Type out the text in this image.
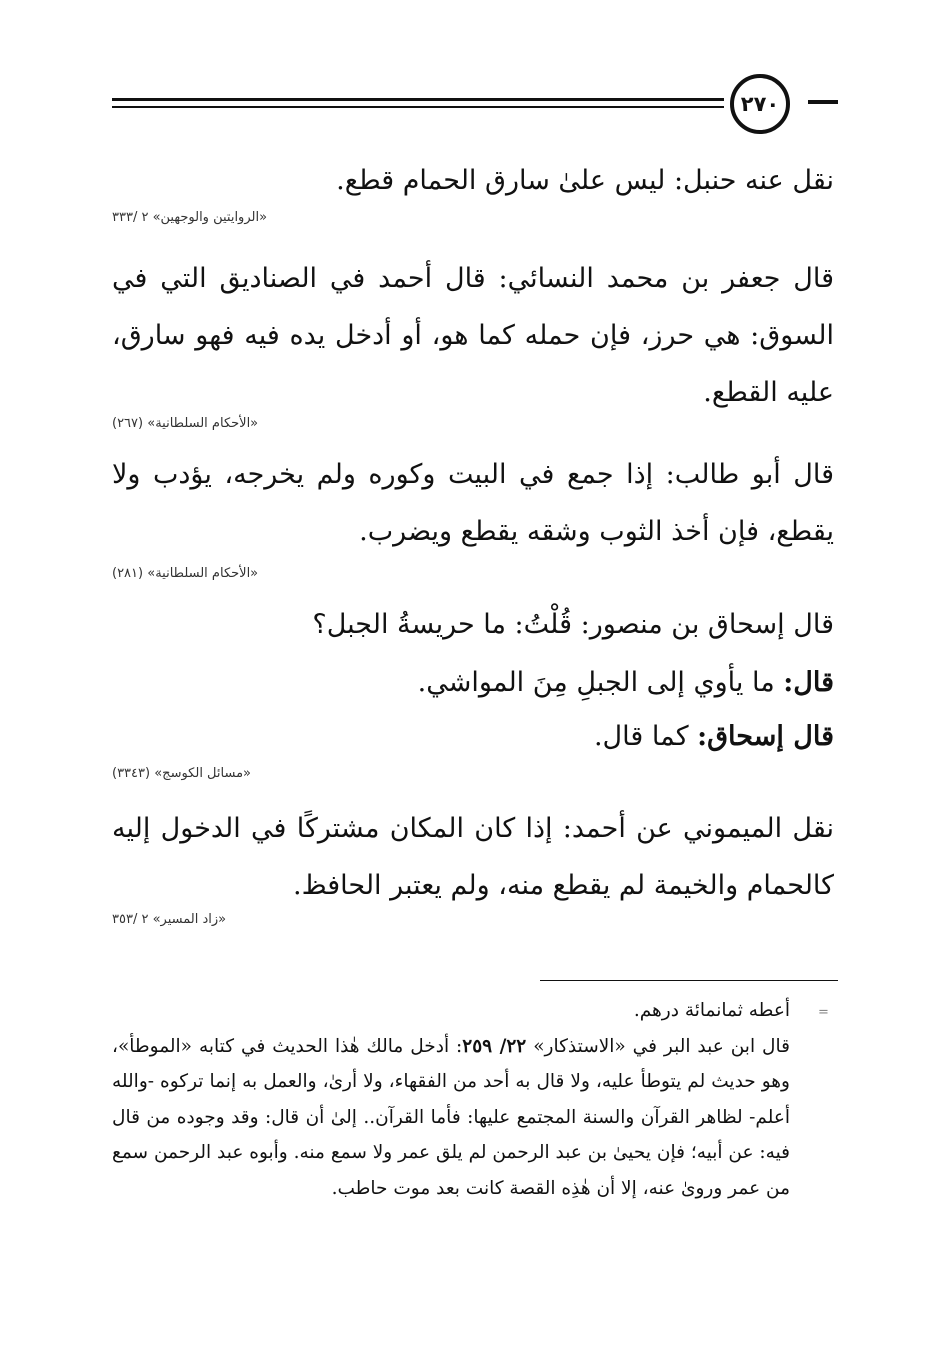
٢٧٠

نقل عنه حنبل: ليس علىٰ سارق الحمام قطع.

«الروايتين والوجهين» ٢ /٣٣٣

قال جعفر بن محمد النسائي: قال أحمد في الصناديق التي في السوق: هي حرز، فإن حمله كما هو، أو أدخل يده فيه فهو سارق، عليه القطع.

«الأحكام السلطانية» (٢٦٧)

قال أبو طالب: إذا جمع في البيت وكوره ولم يخرجه، يؤدب ولا يقطع، فإن أخذ الثوب وشقه يقطع ويضرب.

«الأحكام السلطانية» (٢٨١)

قال إسحاق بن منصور: قُلْتُ: ما حريسةُ الجبل؟

قال: ما يأوي إلى الجبلِ مِنَ المواشي.

قال إسحاق: كما قال.

«مسائل الكوسج» (٣٣٤٣)

نقل الميموني عن أحمد: إذا كان المكان مشتركًا في الدخول إليه كالحمام والخيمة لم يقطع منه، ولم يعتبر الحافظ.

«زاد المسير» ٢ /٣٥٣
=

أعطه ثمانمائة درهم.

قال ابن عبد البر في «الاستذكار» ٢٢/ ٢٥٩: أدخل مالك هٰذا الحديث في كتابه «الموطأ»، وهو حديث لم يتوطأ عليه، ولا قال به أحد من الفقهاء، ولا أرىٰ، والعمل به إنما تركوه -والله أعلم- لظاهر القرآن والسنة المجتمع عليها: فأما القرآن.. إلىٰ أن قال: وقد وجوده من قال فيه: عن أبيه؛ فإن يحيىٰ بن عبد الرحمن لم يلق عمر ولا سمع منه. وأبوه عبد الرحمن سمع من عمر وروىٰ عنه، إلا أن هٰذِه القصة كانت بعد موت حاطب.
